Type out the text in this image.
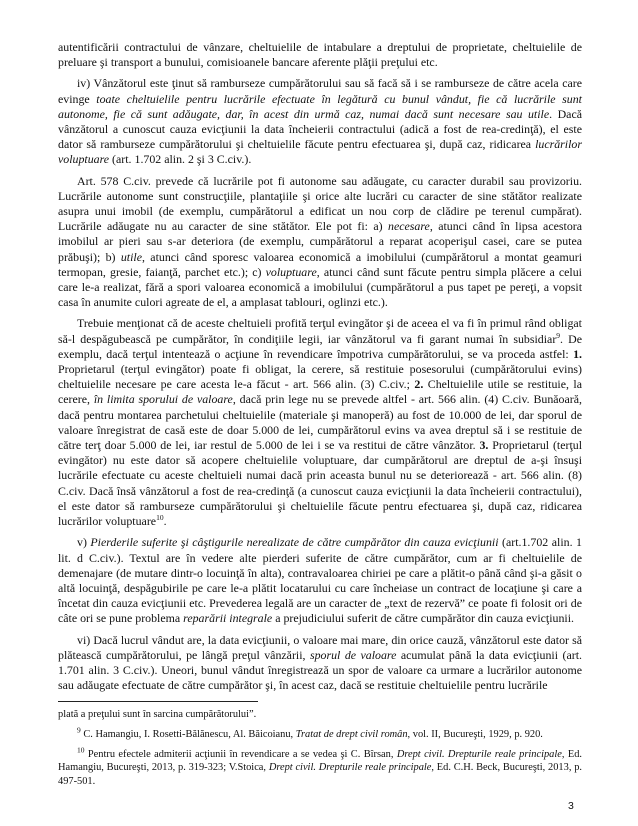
autentificării contractului de vânzare, cheltuielile de intabulare a dreptului de proprietate, cheltuielile de preluare şi transport a bunului, comisioanele bancare aferente plăţii preţului etc.

iv) Vânzătorul este ţinut să ramburseze cumpărătorului sau să facă să i se ramburseze de către acela care evinge toate cheltuielile pentru lucrările efectuate în legătură cu bunul vândut, fie că lucrările sunt autonome, fie că sunt adăugate, dar, în acest din urmă caz, numai dacă sunt necesare sau utile. Dacă vânzătorul a cunoscut cauza evicţiunii la data încheierii contractului (adică a fost de rea-credinţă), el este dator să ramburseze cumpărătorului şi cheltuielile făcute pentru efectuarea şi, după caz, ridicarea lucrărilor voluptuare (art. 1.702 alin. 2 şi 3 C.civ.).

Art. 578 C.civ. prevede că lucrările pot fi autonome sau adăugate, cu caracter durabil sau provizoriu. Lucrările autonome sunt construcţiile, plantaţiile şi orice alte lucrări cu caracter de sine stătător realizate asupra unui imobil (de exemplu, cumpărătorul a edificat un nou corp de clădire pe terenul cumpărat). Lucrările adăugate nu au caracter de sine stătător. Ele pot fi: a) necesare, atunci când în lipsa acestora imobilul ar pieri sau s-ar deteriora (de exemplu, cumpărătorul a reparat acoperişul casei, care se putea prăbuşi); b) utile, atunci când sporesc valoarea economică a imobilului (cumpărătorul a montat geamuri termopan, gresie, faianţă, parchet etc.); c) voluptuare, atunci când sunt făcute pentru simpla plăcere a celui care le-a realizat, fără a spori valoarea economică a imobilului (cumpărătorul a pus tapet pe pereţi, a vopsit casa în anumite culori agreate de el, a amplasat tablouri, oglinzi etc.).

Trebuie menţionat că de aceste cheltuieli profită terţul evingător şi de aceea el va fi în primul rând obligat să-l despăgubească pe cumpărător, în condiţiile legii, iar vânzătorul va fi garant numai în subsidiar$^9$. De exemplu, dacă terţul intentează o acţiune în revendicare împotriva cumpărătorului, se va proceda astfel: 1. Proprietarul (terţul evingător) poate fi obligat, la cerere, să restituie posesorului (cumpărătorului evins) cheltuielile necesare pe care acesta le-a făcut - art. 566 alin. (3) C.civ.; 2. Cheltuielile utile se restituie, la cerere, în limita sporului de valoare, dacă prin lege nu se prevede altfel - art. 566 alin. (4) C.civ. Bunăoară, dacă pentru montarea parchetului cheltuielile (materiale şi manoperă) au fost de 10.000 de lei, dar sporul de valoare înregistrat de casă este de doar 5.000 de lei, cumpărătorul evins va avea dreptul să i se restituie de către terţ doar 5.000 de lei, iar restul de 5.000 de lei i se va restitui de către vânzător. 3. Proprietarul (terţul evingător) nu este dator să acopere cheltuielile voluptuare, dar cumpărătorul are dreptul de a-şi însuşi lucrările efectuate cu aceste cheltuieli numai dacă prin aceasta bunul nu se deteriorează - art. 566 alin. (8) C.civ. Dacă însă vânzătorul a fost de rea-credinţă (a cunoscut cauza evicţiunii la data încheierii contractului), el este dator să ramburseze cumpărătorului şi cheltuielile făcute pentru efectuarea şi, după caz, ridicarea lucrărilor voluptuare$^{10}$.

v) Pierderile suferite şi câştigurile nerealizate de către cumpărător din cauza evicţiunii (art.1.702 alin. 1 lit. d C.civ.). Textul are în vedere alte pierderi suferite de către cumpărător, cum ar fi cheltuielile de demenajare (de mutare dintr-o locuinţă în alta), contravaloarea chiriei pe care a plătit-o până când şi-a găsit o altă locuinţă, despăgubirile pe care le-a plătit locatarului cu care încheiase un contract de locaţiune şi care a încetat din cauza evicţiunii etc. Prevederea legală are un caracter de „text de rezervă” ce poate fi folosit ori de câte ori se pune problema reparării integrale a prejudiciului suferit de către cumpărător din cauza evicţiunii.

vi) Dacă lucrul vândut are, la data evicţiunii, o valoare mai mare, din orice cauză, vânzătorul este dator să plătească cumpărătorului, pe lângă preţul vânzării, sporul de valoare acumulat până la data evicţiunii (art. 1.701 alin. 3 C.civ.). Uneori, bunul vândut înregistrează un spor de valoare ca urmare a lucrărilor autonome sau adăugate efectuate de către cumpărător şi, în acest caz, dacă se restituie cheltuielile pentru lucrările

plată a preţului sunt în sarcina cumpărătorului”.

$^9$ C. Hamangiu, I. Rosetti-Bălănescu, Al. Băicoianu, Tratat de drept civil român, vol. II, Bucureşti, 1929, p. 920.

$^{10}$ Pentru efectele admiterii acţiunii în revendicare a se vedea şi C. Bîrsan, Drept civil. Drepturile reale principale, Ed. Hamangiu, Bucureşti, 2013, p. 319-323; V.Stoica, Drept civil. Drepturile reale principale, Ed. C.H. Beck, Bucureşti, 2013, p. 497-501.

3
